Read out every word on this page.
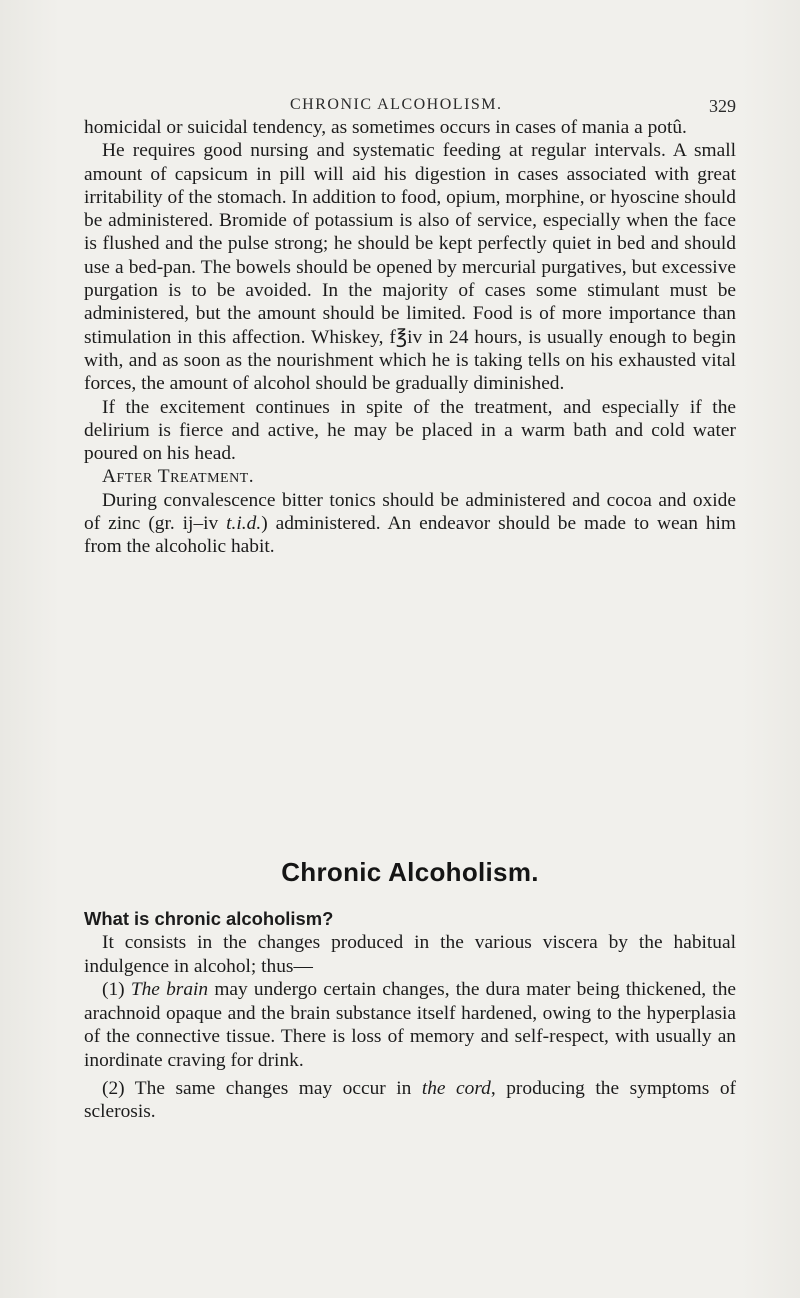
CHRONIC ALCOHOLISM.	329

homicidal or suicidal tendency, as sometimes occurs in cases of mania a potû.

He requires good nursing and systematic feeding at regular intervals. A small amount of capsicum in pill will aid his digestion in cases associated with great irritability of the stomach. In addition to food, opium, morphine, or hyoscine should be administered. Bromide of potassium is also of service, especially when the face is flushed and the pulse strong; he should be kept perfectly quiet in bed and should use a bed-pan. The bowels should be opened by mercurial purgatives, but excessive purgation is to be avoided. In the majority of cases some stimulant must be administered, but the amount should be limited. Food is of more importance than stimulation in this affection. Whiskey, f℥iv in 24 hours, is usually enough to begin with, and as soon as the nourishment which he is taking tells on his exhausted vital forces, the amount of alcohol should be gradually diminished.

If the excitement continues in spite of the treatment, and especially if the delirium is fierce and active, he may be placed in a warm bath and cold water poured on his head.

After Treatment.

During convalescence bitter tonics should be administered and cocoa and oxide of zinc (gr. ij–iv t.i.d.) administered. An endeavor should be made to wean him from the alcoholic habit.

Chronic Alcoholism.

What is chronic alcoholism?

It consists in the changes produced in the various viscera by the habitual indulgence in alcohol; thus—

(1) The brain may undergo certain changes, the dura mater being thickened, the arachnoid opaque and the brain substance itself hardened, owing to the hyperplasia of the connective tissue. There is loss of memory and self-respect, with usually an inordinate craving for drink.

(2) The same changes may occur in the cord, producing the symptoms of sclerosis.
